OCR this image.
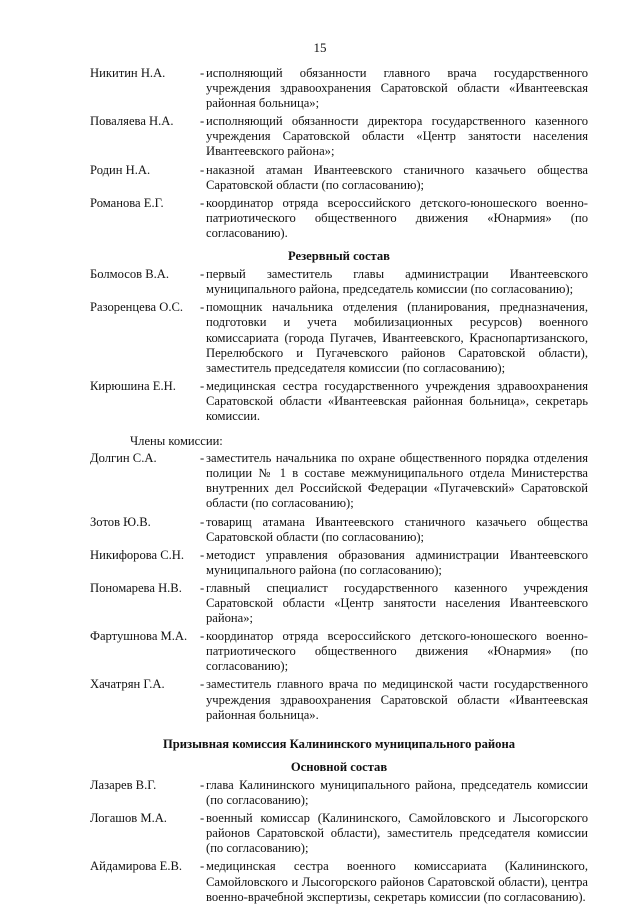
15
Никитин Н.А.	- исполняющий обязанности главного врача государственного учреждения здравоохранения Саратовской области «Ивантеевская районная больница»;
Поваляева Н.А.	- исполняющий обязанности директора государственного казенного учреждения Саратовской области «Центр занятости населения Ивантеевского района»;
Родин Н.А.	- наказной атаман Ивантеевского станичного казачьего общества Саратовской области (по согласованию);
Романова Е.Г.	- координатор отряда всероссийского детского-юношеского военно-патриотического общественного движения «Юнармия» (по согласованию).
Резервный состав
Болмосов В.А.	- первый заместитель главы администрации Ивантеевского муниципального района, председатель комиссии (по согласованию);
Разоренцева О.С.	- помощник начальника отделения (планирования, предназначения, подготовки и учета мобилизационных ресурсов) военного комиссариата (города Пугачев, Ивантеевского, Краснопартизанского, Перелюбского и Пугачевского районов Саратовской области), заместитель председателя комиссии (по согласованию);
Кирюшина Е.Н.	- медицинская сестра государственного учреждения здравоохранения Саратовской области «Ивантеевская районная больница», секретарь комиссии.
Члены комиссии:
Долгин С.А.	- заместитель начальника по охране общественного порядка отделения полиции № 1 в составе межмуниципального отдела Министерства внутренних дел Российской Федерации «Пугачевский» Саратовской области (по согласованию);
Зотов Ю.В.	- товарищ атамана Ивантеевского станичного казачьего общества Саратовской области (по согласованию);
Никифорова С.Н.	- методист управления образования администрации Ивантеевского муниципального района (по согласованию);
Пономарева Н.В.	- главный специалист государственного казенного учреждения Саратовской области «Центр занятости населения Ивантеевского района»;
Фартушнова М.А.	- координатор отряда всероссийского детского-юношеского военно-патриотического общественного движения «Юнармия» (по согласованию);
Хачатрян Г.А.	- заместитель главного врача по медицинской части государственного учреждения здравоохранения Саратовской области «Ивантеевская районная больница».
Призывная комиссия Калининского муниципального района
Основной состав
Лазарев В.Г.	- глава Калининского муниципального района, председатель комиссии (по согласованию);
Логашов М.А.	- военный комиссар (Калининского, Самойловского и Лысогорского районов Саратовской области), заместитель председателя комиссии (по согласованию);
Айдамирова Е.В.	- медицинская сестра военного комиссариата (Калининского, Самойловского и Лысогорского районов Саратовской области), центра военно-врачебной экспертизы, секретарь комиссии (по согласованию).
